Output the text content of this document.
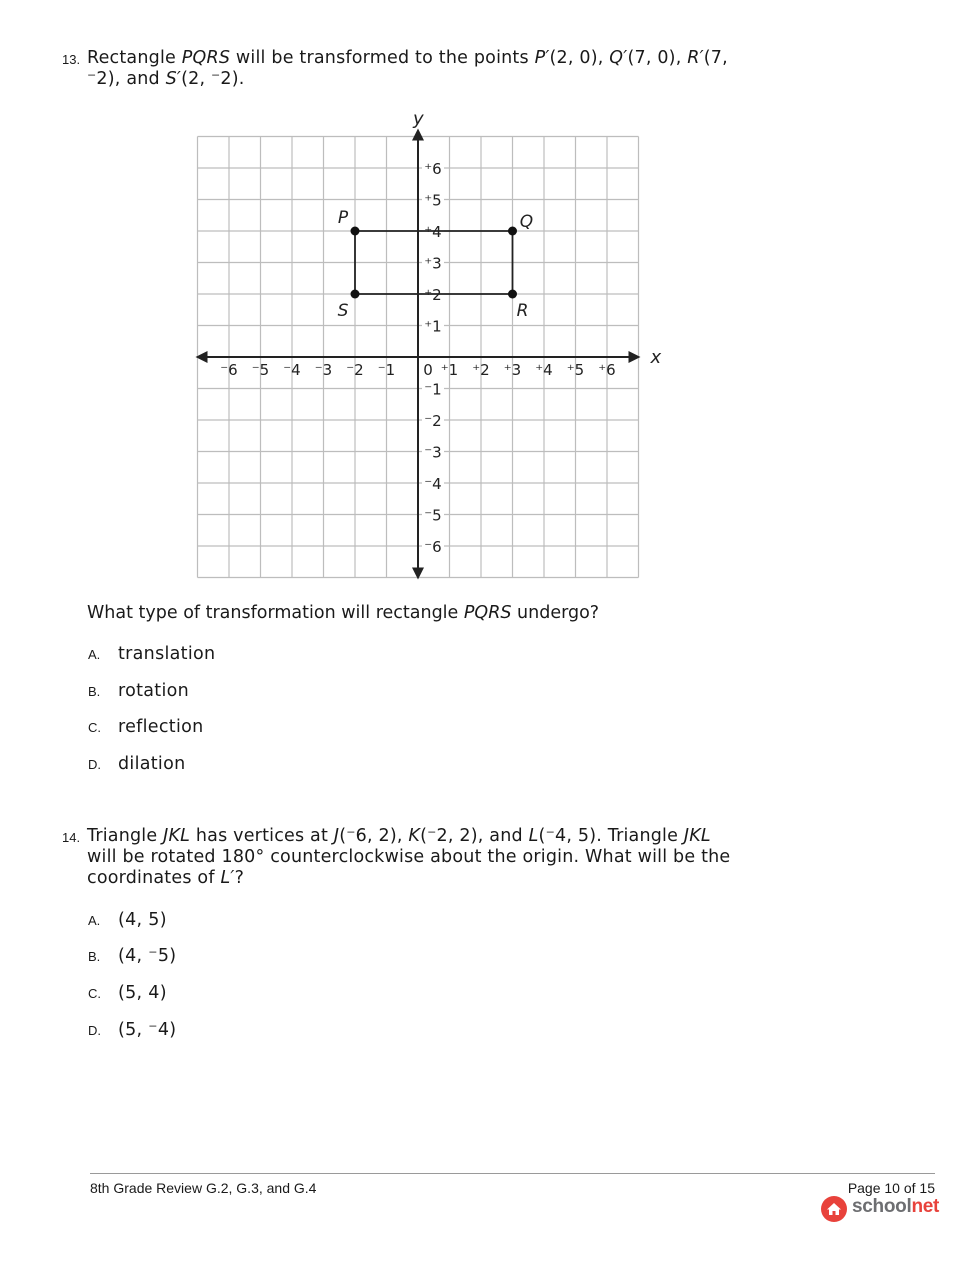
13. Rectangle PQRS will be transformed to the points P′(2, 0), Q′(7, 0), R′(7,
⁻2), and S′(2, ⁻2).
x
y
⁻6 ⁻5 ⁻4 ⁻3 ⁻2 ⁻1 0 ⁺1 ⁺2 ⁺3 ⁺4 ⁺5 ⁺6
⁺6
⁺5
⁺4
⁺3
⁺2
⁺1
⁻1
⁻2
⁻3
⁻4
⁻5
⁻6
P	Q
R
S
What type of transformation will rectangle PQRS undergo?
A. translation
B. rotation
C. reflection
D. dilation
14. Triangle JKL has vertices at J(⁻6, 2), K(⁻2, 2), and L(⁻4, 5). Triangle JKL
will be rotated 180° counterclockwise about the origin. What will be the
coordinates of L′?
A. (4, 5)
B. (4, ⁻5)
C. (5, 4)
D. (5, ⁻4)
8th Grade Review G.2, G.3, and G.4	Page 10 of 15
schoolnet
